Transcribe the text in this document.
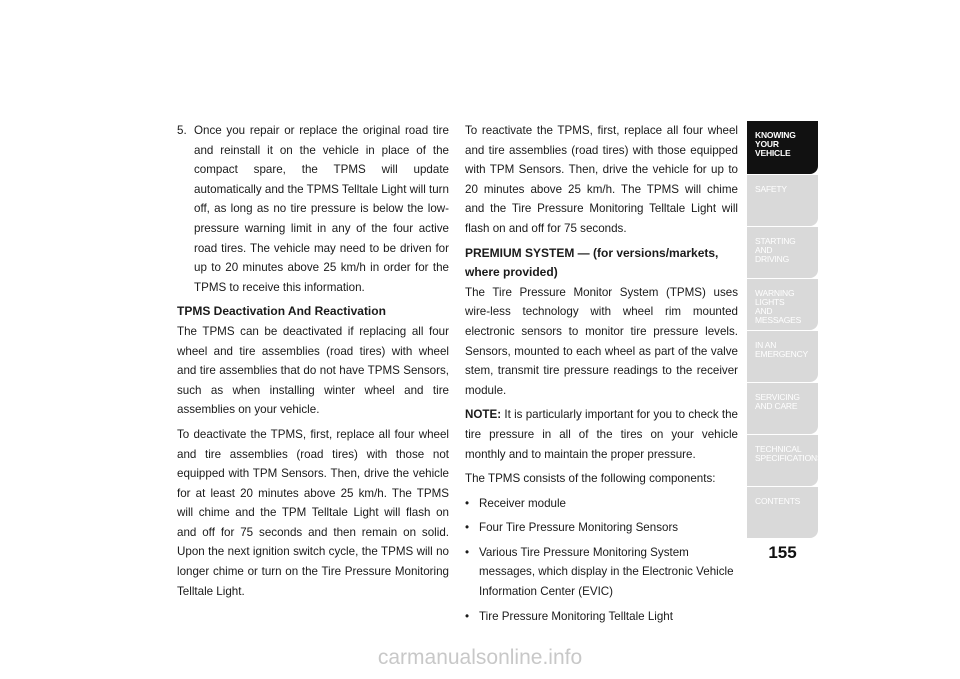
5. Once you repair or replace the original road tire and reinstall it on the vehicle in place of the compact spare, the TPMS will update automatically and the TPMS Telltale Light will turn off, as long as no tire pressure is below the low-pressure warning limit in any of the four active road tires. The vehicle may need to be driven for up to 20 minutes above 25 km/h in order for the TPMS to receive this information.
TPMS Deactivation And Reactivation

The TPMS can be deactivated if replacing all four wheel and tire assemblies (road tires) with wheel and tire assemblies that do not have TPMS Sensors, such as when installing winter wheel and tire assemblies on your vehicle.

To deactivate the TPMS, first, replace all four wheel and tire assemblies (road tires) with those not equipped with TPM Sensors. Then, drive the vehicle for at least 20 minutes above 25 km/h. The TPMS will chime and the TPM Telltale Light will flash on and off for 75 seconds and then remain on solid. Upon the next ignition switch cycle, the TPMS will no longer chime or turn on the Tire Pressure Monitoring Telltale Light.

To reactivate the TPMS, first, replace all four wheel and tire assemblies (road tires) with those equipped with TPM Sensors. Then, drive the vehicle for up to 20 minutes above 25 km/h. The TPMS will chime and the Tire Pressure Monitoring Telltale Light will flash on and off for 75 seconds.

PREMIUM SYSTEM — (for versions/markets, where provided)

The Tire Pressure Monitor System (TPMS) uses wire-less technology with wheel rim mounted electronic sensors to monitor tire pressure levels. Sensors, mounted to each wheel as part of the valve stem, transmit tire pressure readings to the receiver module.

NOTE: It is particularly important for you to check the tire pressure in all of the tires on your vehicle monthly and to maintain the proper pressure.

The TPMS consists of the following components:

• Receiver module
• Four Tire Pressure Monitoring Sensors
• Various Tire Pressure Monitoring System messages, which display in the Electronic Vehicle Information Center (EVIC)
• Tire Pressure Monitoring Telltale Light
KNOWING
YOUR
VEHICLE
SAFETY
STARTING
AND
DRIVING
WARNING
LIGHTS
AND
MESSAGES
IN AN
EMERGENCY
SERVICING
AND CARE
TECHNICAL
SPECIFICATIONS
CONTENTS
155
carmanualsonline.info
